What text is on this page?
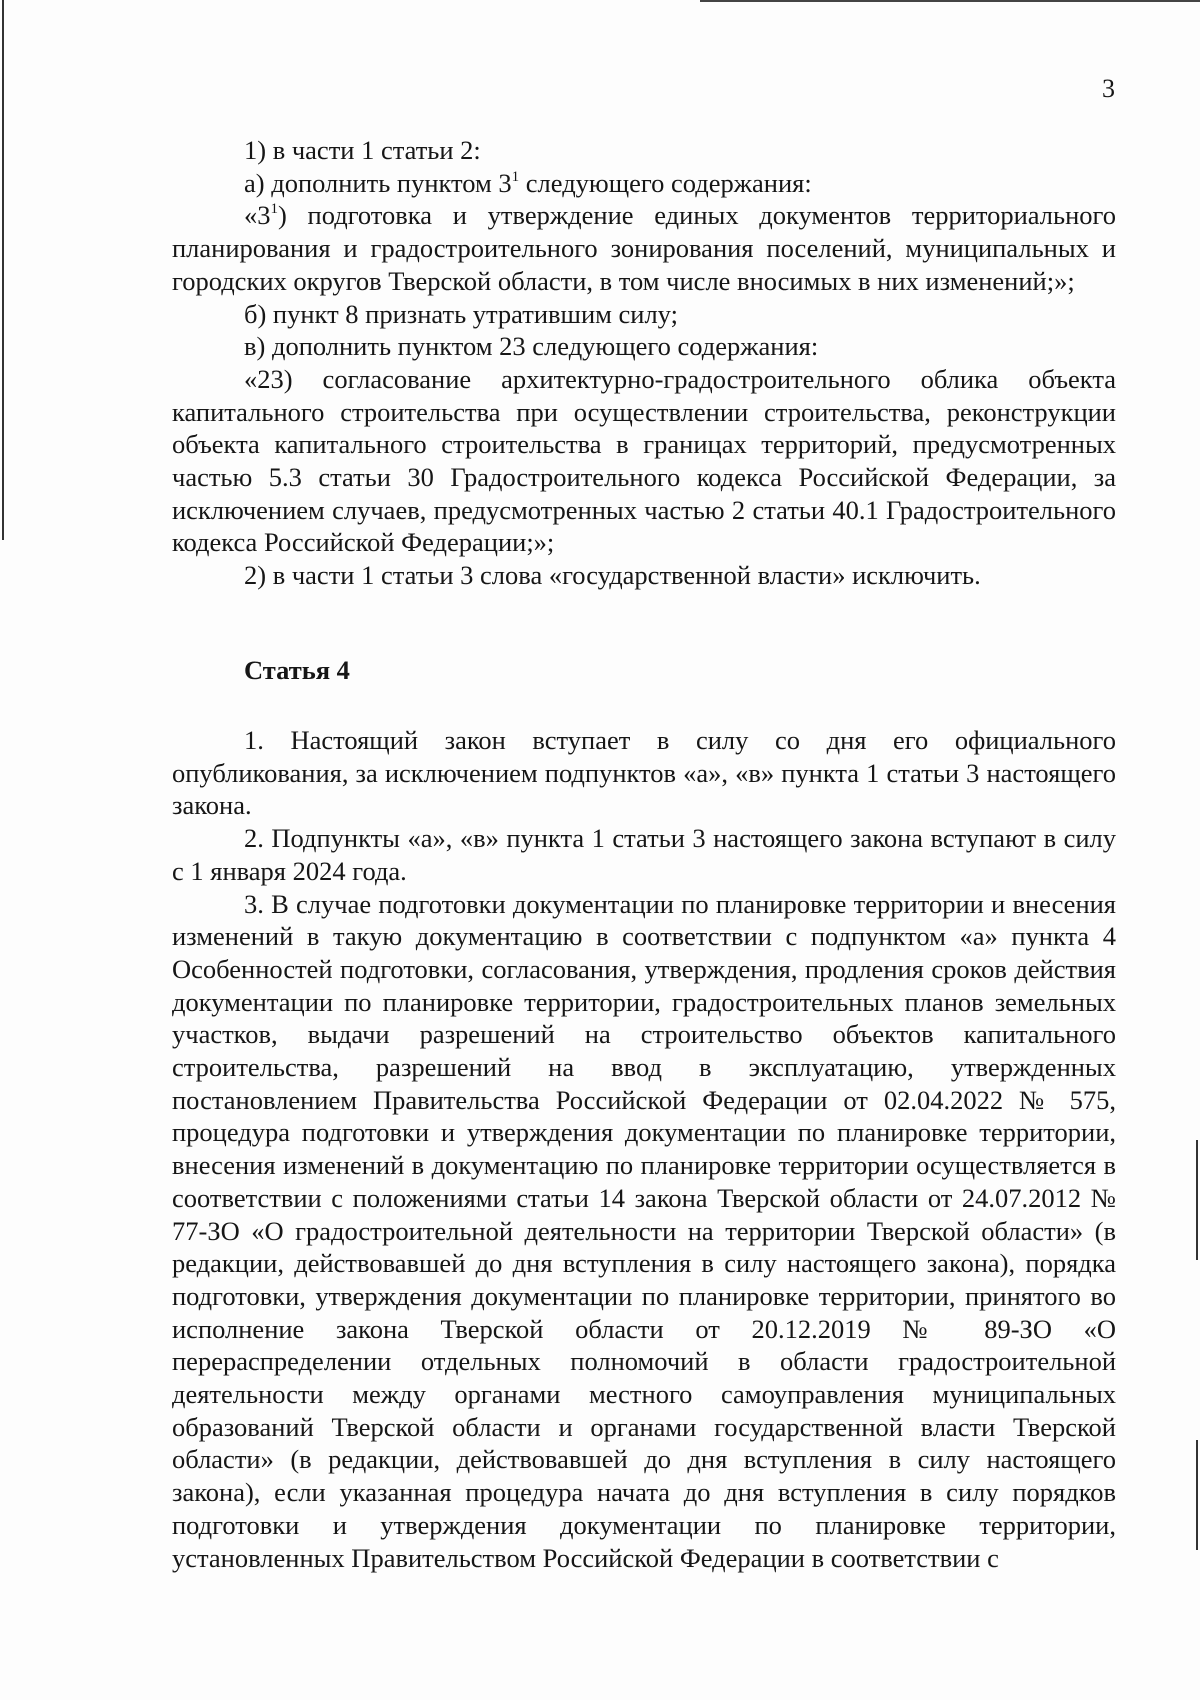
3

1) в части 1 статьи 2:

а) дополнить пунктом $3^1$ следующего содержания:

«$3^1$) подготовка и утверждение единых документов территориального планирования и градостроительного зонирования поселений, муниципальных и городских округов Тверской области, в том числе вносимых в них изменений;»;

б) пункт 8 признать утратившим силу;

в) дополнить пунктом 23 следующего содержания:

«23) согласование архитектурно-градостроительного облика объекта капитального строительства при осуществлении строительства, реконструкции объекта капитального строительства в границах территорий, предусмотренных частью 5.3 статьи 30 Градостроительного кодекса Российской Федерации, за исключением случаев, предусмотренных частью 2 статьи 40.1 Градостроительного кодекса Российской Федерации;»;

2) в части 1 статьи 3 слова «государственной власти» исключить.

Статья 4

1. Настоящий закон вступает в силу со дня его официального опубликования, за исключением подпунктов «а», «в» пункта 1 статьи 3 настоящего закона.

2. Подпункты «а», «в» пункта 1 статьи 3 настоящего закона вступают в силу с 1 января 2024 года.

3. В случае подготовки документации по планировке территории и внесения изменений в такую документацию в соответствии с подпунктом «а» пункта 4 Особенностей подготовки, согласования, утверждения, продления сроков действия документации по планировке территории, градостроительных планов земельных участков, выдачи разрешений на строительство объектов капитального строительства, разрешений на ввод в эксплуатацию, утвержденных постановлением Правительства Российской Федерации от 02.04.2022 № 575, процедура подготовки и утверждения документации по планировке территории, внесения изменений в документацию по планировке территории осуществляется в соответствии с положениями статьи 14 закона Тверской области от 24.07.2012 № 77-ЗО «О градостроительной деятельности на территории Тверской области» (в редакции, действовавшей до дня вступления в силу настоящего закона), порядка подготовки, утверждения документации по планировке территории, принятого во исполнение закона Тверской области от 20.12.2019 № 89-ЗО «О перераспределении отдельных полномочий в области градостроительной деятельности между органами местного самоуправления муниципальных образований Тверской области и органами государственной власти Тверской области» (в редакции, действовавшей до дня вступления в силу настоящего закона), если указанная процедура начата до дня вступления в силу порядков подготовки и утверждения документации по планировке территории, установленных Правительством Российской Федерации в соответствии с
